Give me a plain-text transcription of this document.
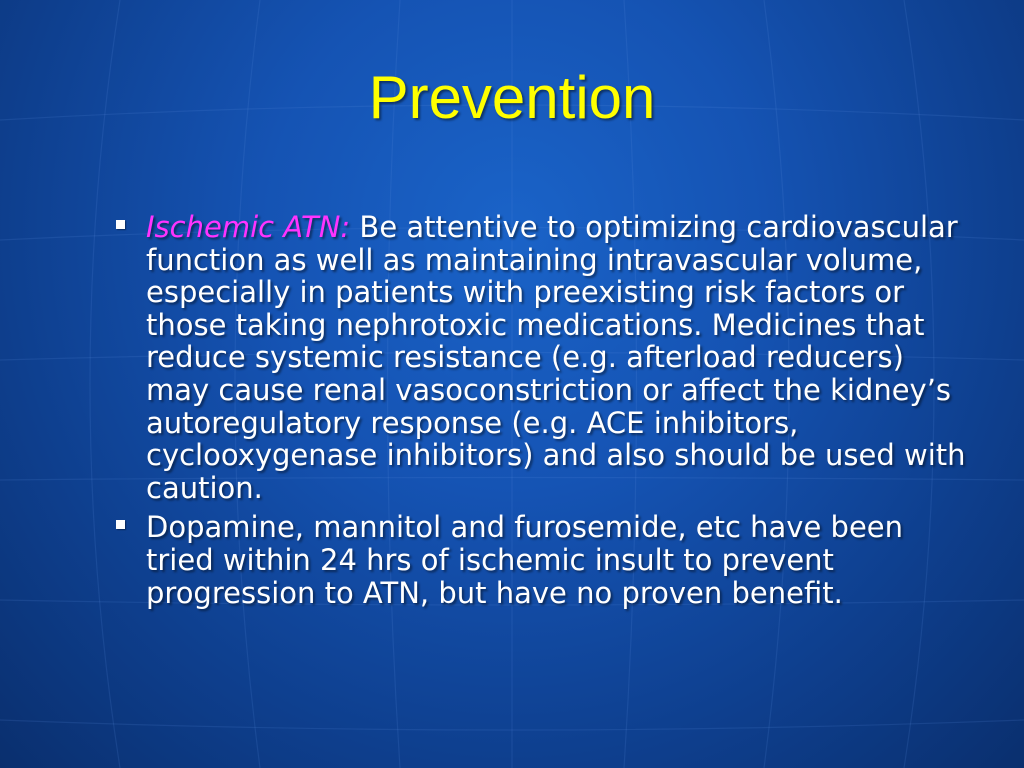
Prevention
Ischemic ATN: Be attentive to optimizing cardiovascular function as well as maintaining intravascular volume, especially in patients with preexisting risk factors or those taking nephrotoxic medications. Medicines that reduce systemic resistance (e.g. afterload reducers) may cause renal vasoconstriction or affect the kidney’s autoregulatory response (e.g. ACE inhibitors, cyclooxygenase inhibitors) and also should be used with caution.
Dopamine, mannitol and furosemide, etc have been tried within 24 hrs of ischemic insult to prevent progression to ATN, but have no proven benefit.
